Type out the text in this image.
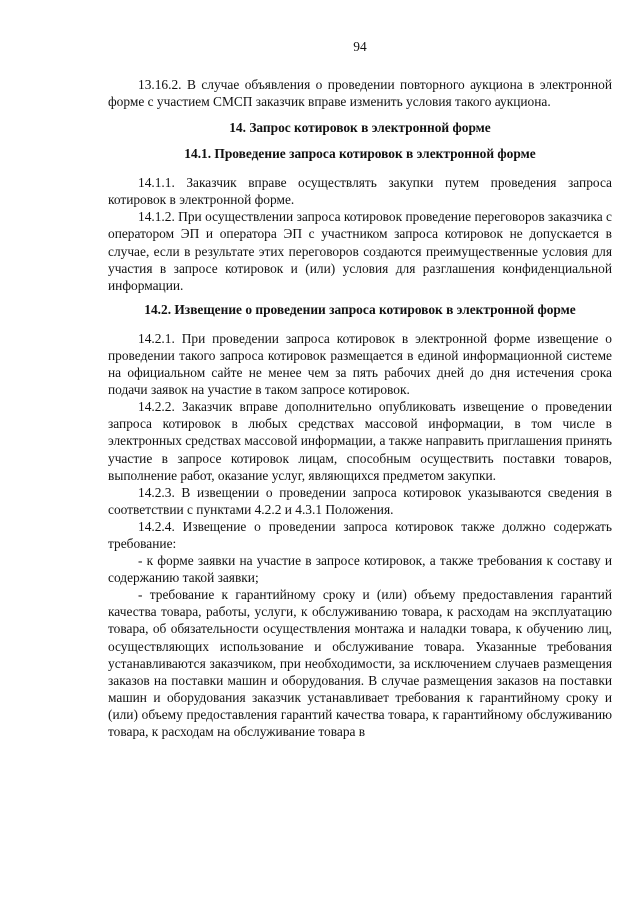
94

13.16.2. В случае объявления о проведении повторного аукциона в электронной форме с участием СМСП заказчик вправе изменить условия такого аукциона.

14. Запрос котировок в электронной форме
14.1. Проведение запроса котировок в электронной форме

14.1.1. Заказчик вправе осуществлять закупки путем проведения запроса котировок в электронной форме.

14.1.2. При осуществлении запроса котировок проведение переговоров заказчика с оператором ЭП и оператора ЭП с участником запроса котировок не допускается в случае, если в результате этих переговоров создаются преимущественные условия для участия в запросе котировок и (или) условия для разглашения конфиденциальной информации.

14.2. Извещение о проведении запроса котировок в электронной форме

14.2.1. При проведении запроса котировок в электронной форме извещение о проведении такого запроса котировок размещается в единой информационной системе на официальном сайте не менее чем за пять рабочих дней до дня истечения срока подачи заявок на участие в таком запросе котировок.

14.2.2. Заказчик вправе дополнительно опубликовать извещение о проведении запроса котировок в любых средствах массовой информации, в том числе в электронных средствах массовой информации, а также направить приглашения принять участие в запросе котировок лицам, способным осуществить поставки товаров, выполнение работ, оказание услуг, являющихся предметом закупки.

14.2.3. В извещении о проведении запроса котировок указываются сведения в соответствии с пунктами 4.2.2 и 4.3.1 Положения.

14.2.4. Извещение о проведении запроса котировок также должно содержать требование:

- к форме заявки на участие в запросе котировок, а также требования к составу и содержанию такой заявки;

- требование к гарантийному сроку и (или) объему предоставления гарантий качества товара, работы, услуги, к обслуживанию товара, к расходам на эксплуатацию товара, об обязательности осуществления монтажа и наладки товара, к обучению лиц, осуществляющих использование и обслуживание товара. Указанные требования устанавливаются заказчиком, при необходимости, за исключением случаев размещения заказов на поставки машин и оборудования. В случае размещения заказов на поставки машин и оборудования заказчик устанавливает требования к гарантийному сроку и (или) объему предоставления гарантий качества товара, к гарантийному обслуживанию товара, к расходам на обслуживание товара в
